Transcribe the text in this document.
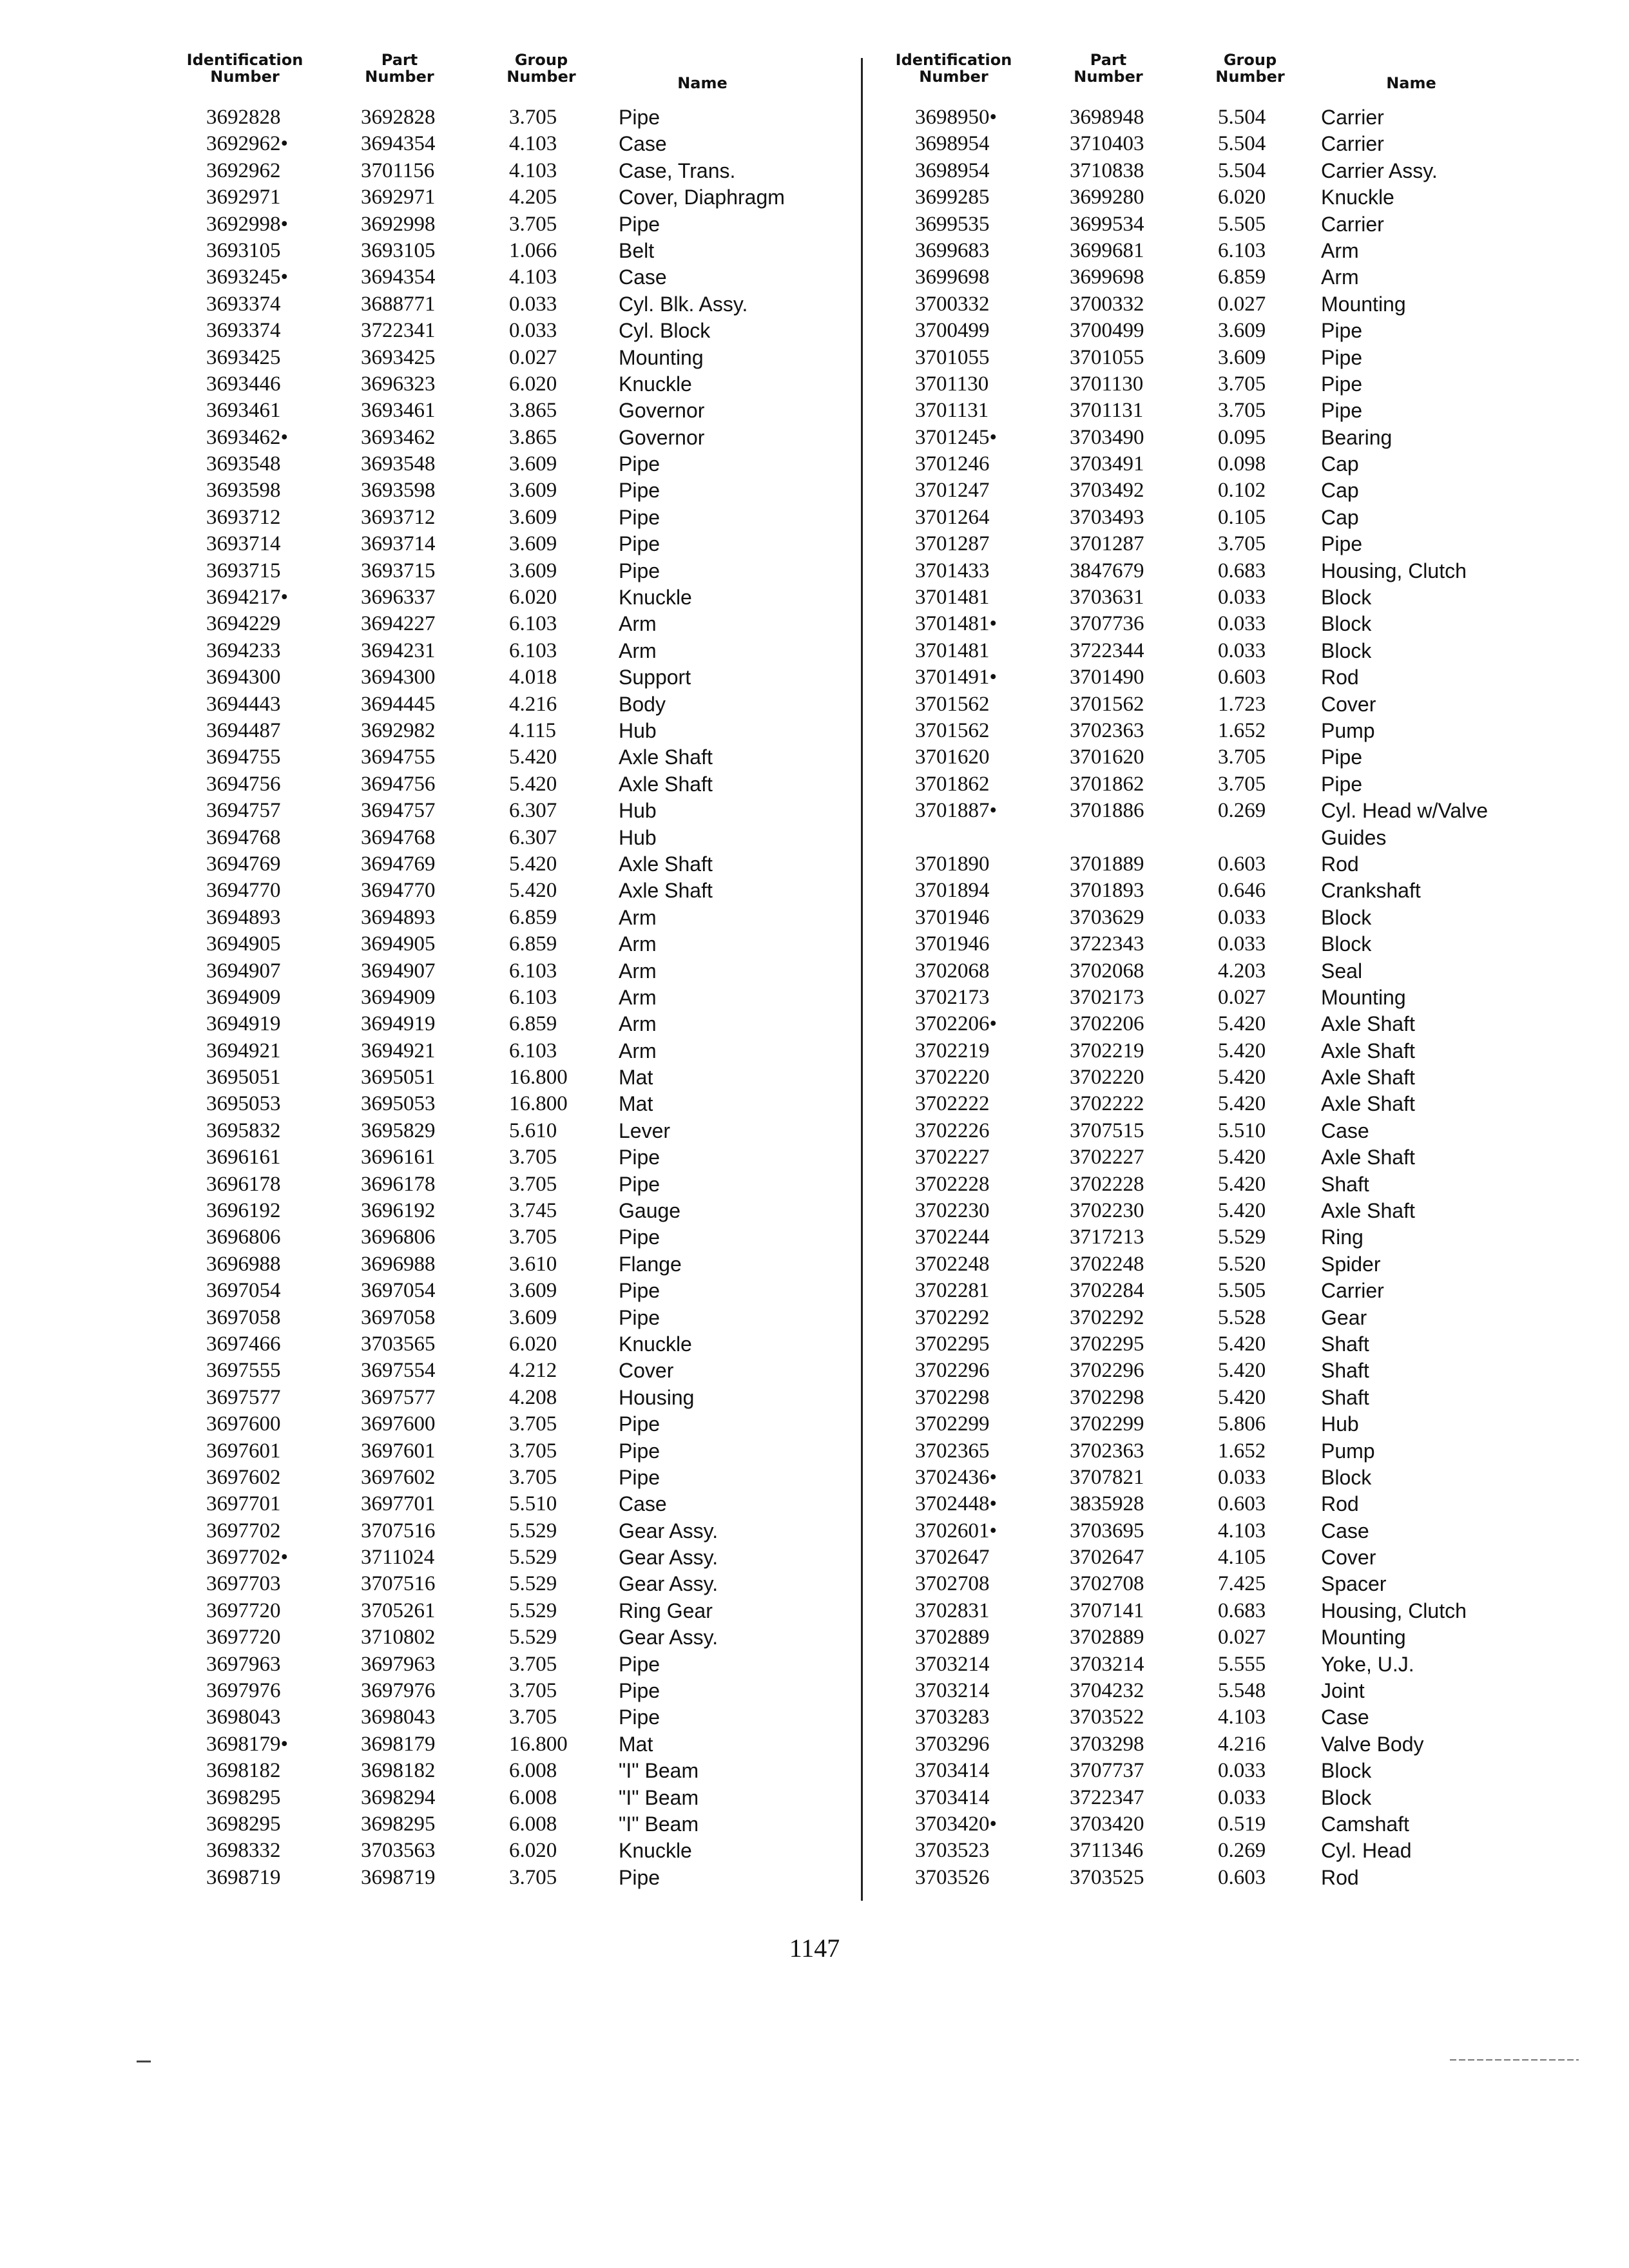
Identification
Number
Part
Number
Group
Number	Name
3692828	3692828	3.705	Pipe
3692962•	3694354	4.103	Case
3692962	3701156	4.103	Case, Trans.
3692971	3692971	4.205	Cover, Diaphragm
3692998•	3692998	3.705	Pipe
3693105	3693105	1.066	Belt
3693245•	3694354	4.103	Case
3693374	3688771	0.033	Cyl. Blk. Assy.
3693374	3722341	0.033	Cyl. Block
3693425	3693425	0.027	Mounting
3693446	3696323	6.020	Knuckle
3693461	3693461	3.865	Governor
3693462•	3693462	3.865	Governor
3693548	3693548	3.609	Pipe
3693598	3693598	3.609	Pipe
3693712	3693712	3.609	Pipe
3693714	3693714	3.609	Pipe
3693715	3693715	3.609	Pipe
3694217•	3696337	6.020	Knuckle
3694229	3694227	6.103	Arm
3694233	3694231	6.103	Arm
3694300	3694300	4.018	Support
3694443	3694445	4.216	Body
3694487	3692982	4.115	Hub
3694755	3694755	5.420	Axle Shaft
3694756	3694756	5.420	Axle Shaft
3694757	3694757	6.307	Hub
3694768	3694768	6.307	Hub
3694769	3694769	5.420	Axle Shaft
3694770	3694770	5.420	Axle Shaft
3694893	3694893	6.859	Arm
3694905	3694905	6.859	Arm
3694907	3694907	6.103	Arm
3694909	3694909	6.103	Arm
3694919	3694919	6.859	Arm
3694921	3694921	6.103	Arm
3695051	3695051	16.800 Mat
3695053	3695053	16.800 Mat
3695832	3695829	5.610	Lever
3696161	3696161	3.705	Pipe
3696178	3696178	3.705	Pipe
3696192	3696192	3.745	Gauge
3696806	3696806	3.705	Pipe
3696988	3696988	3.610	Flange
3697054	3697054	3.609	Pipe
3697058	3697058	3.609	Pipe
3697466	3703565	6.020	Knuckle
3697555	3697554	4.212	Cover
3697577	3697577	4.208	Housing
3697600	3697600	3.705	Pipe
3697601	3697601	3.705	Pipe
3697602	3697602	3.705	Pipe
3697701	3697701	5.510	Case
3697702	3707516	5.529	Gear Assy.
3697702•	3711024	5.529	Gear Assy.
3697703	3707516	5.529	Gear Assy.
3697720	3705261	5.529	Ring Gear
3697720	3710802	5.529	Gear Assy.
3697963	3697963	3.705	Pipe
3697976	3697976	3.705	Pipe
3698043	3698043	3.705	Pipe
3698179•	3698179	16.800 Mat
3698182	3698182	6.008	"I" Beam
3698295	3698294	6.008	"I" Beam
3698295	3698295	6.008	"I" Beam
3698332	3703563	6.020	Knuckle
3698719	3698719	3.705	Pipe
Identification
Number
Part
Number
Group
Number	Name
3698950•	3698948	5.504	Carrier
3698954	3710403	5.504	Carrier
3698954	3710838	5.504	Carrier Assy.
3699285	3699280	6.020	Knuckle
3699535	3699534	5.505	Carrier
3699683	3699681	6.103	Arm
3699698	3699698	6.859	Arm
3700332	3700332	0.027	Mounting
3700499	3700499	3.609	Pipe
3701055	3701055	3.609	Pipe
3701130	3701130	3.705	Pipe
3701131	3701131	3.705	Pipe
3701245•	3703490	0.095	Bearing
3701246	3703491	0.098	Cap
3701247	3703492	0.102	Cap
3701264	3703493	0.105	Cap
3701287	3701287	3.705	Pipe
3701433	3847679	0.683	Housing, Clutch
3701481	3703631	0.033	Block
3701481•	3707736	0.033	Block
3701481	3722344	0.033	Block
3701491•	3701490	0.603	Rod
3701562	3701562	1.723	Cover
3701562	3702363	1.652	Pump
3701620	3701620	3.705	Pipe
3701862	3701862	3.705	Pipe
3701887•	3701886	0.269	Cyl. Head w/Valve
Guides
3701890	3701889	0.603	Rod
3701894	3701893	0.646	Crankshaft
3701946	3703629	0.033	Block
3701946	3722343	0.033	Block
3702068	3702068	4.203	Seal
3702173	3702173	0.027	Mounting
3702206•	3702206	5.420	Axle Shaft
3702219	3702219	5.420	Axle Shaft
3702220	3702220	5.420	Axle Shaft
3702222	3702222	5.420	Axle Shaft
3702226	3707515	5.510	Case
3702227	3702227	5.420	Axle Shaft
3702228	3702228	5.420	Shaft
3702230	3702230	5.420	Axle Shaft
3702244	3717213	5.529	Ring
3702248	3702248	5.520	Spider
3702281	3702284	5.505	Carrier
3702292	3702292	5.528	Gear
3702295	3702295	5.420	Shaft
3702296	3702296	5.420	Shaft
3702298	3702298	5.420	Shaft
3702299	3702299	5.806	Hub
3702365	3702363	1.652	Pump
3702436•	3707821	0.033	Block
3702448•	3835928	0.603	Rod
3702601•	3703695	4.103	Case
3702647	3702647	4.105	Cover
3702708	3702708	7.425	Spacer
3702831	3707141	0.683	Housing, Clutch
3702889	3702889	0.027	Mounting
3703214	3703214	5.555	Yoke, U.J.
3703214	3704232	5.548	Joint
3703283	3703522	4.103	Case
3703296	3703298	4.216	Valve Body
3703414	3707737	0.033	Block
3703414	3722347	0.033	Block
3703420•	3703420	0.519	Camshaft
3703523	3711346	0.269	Cyl. Head
3703526	3703525	0.603	Rod
1147
